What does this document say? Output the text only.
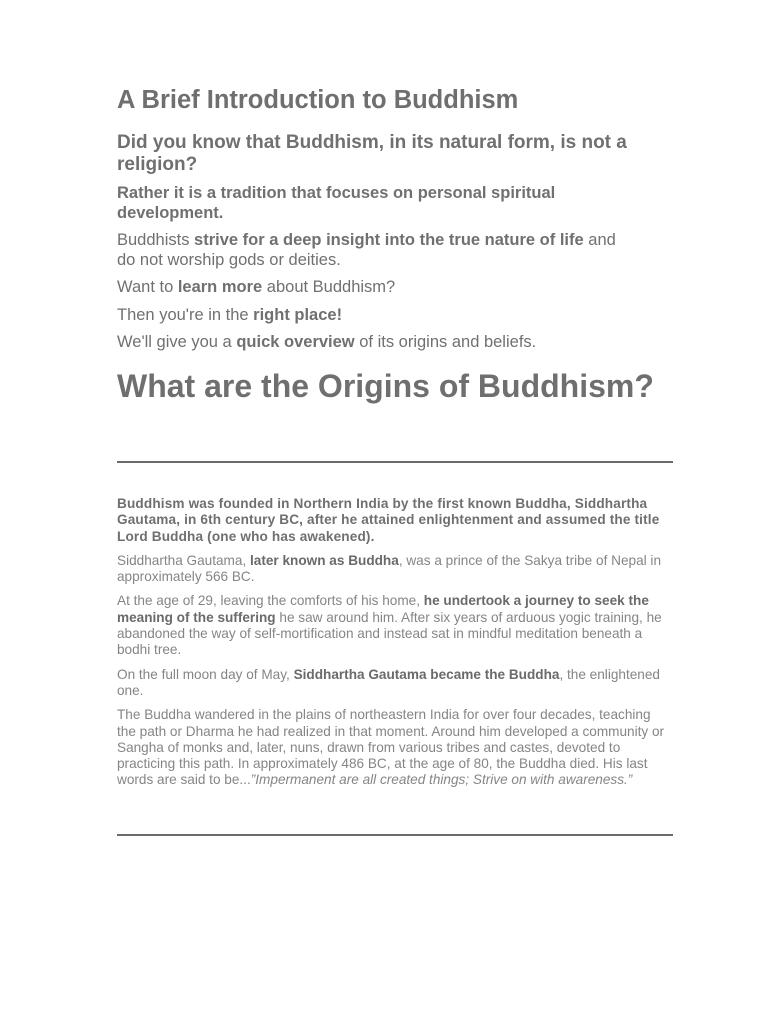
A Brief Introduction to Buddhism

Did you know that Buddhism, in its natural form, is not a religion?

Rather it is a tradition that focuses on personal spiritual development.

Buddhists strive for a deep insight into the true nature of life and do not worship gods or deities.

Want to learn more about Buddhism?

Then you're in the right place!

We'll give you a quick overview of its origins and beliefs.

What are the Origins of Buddhism?

Buddhism was founded in Northern India by the first known Buddha, Siddhartha Gautama, in 6th century BC, after he attained enlightenment and assumed the title Lord Buddha (one who has awakened).

Siddhartha Gautama, later known as Buddha, was a prince of the Sakya tribe of Nepal in approximately 566 BC.

At the age of 29, leaving the comforts of his home, he undertook a journey to seek the meaning of the suffering he saw around him. After six years of arduous yogic training, he abandoned the way of self-mortification and instead sat in mindful meditation beneath a bodhi tree.

On the full moon day of May, Siddhartha Gautama became the Buddha, the enlightened one.

The Buddha wandered in the plains of northeastern India for over four decades, teaching the path or Dharma he had realized in that moment. Around him developed a community or Sangha of monks and, later, nuns, drawn from various tribes and castes, devoted to practicing this path. In approximately 486 BC, at the age of 80, the Buddha died. His last words are said to be...”Impermanent are all created things; Strive on with awareness.”
